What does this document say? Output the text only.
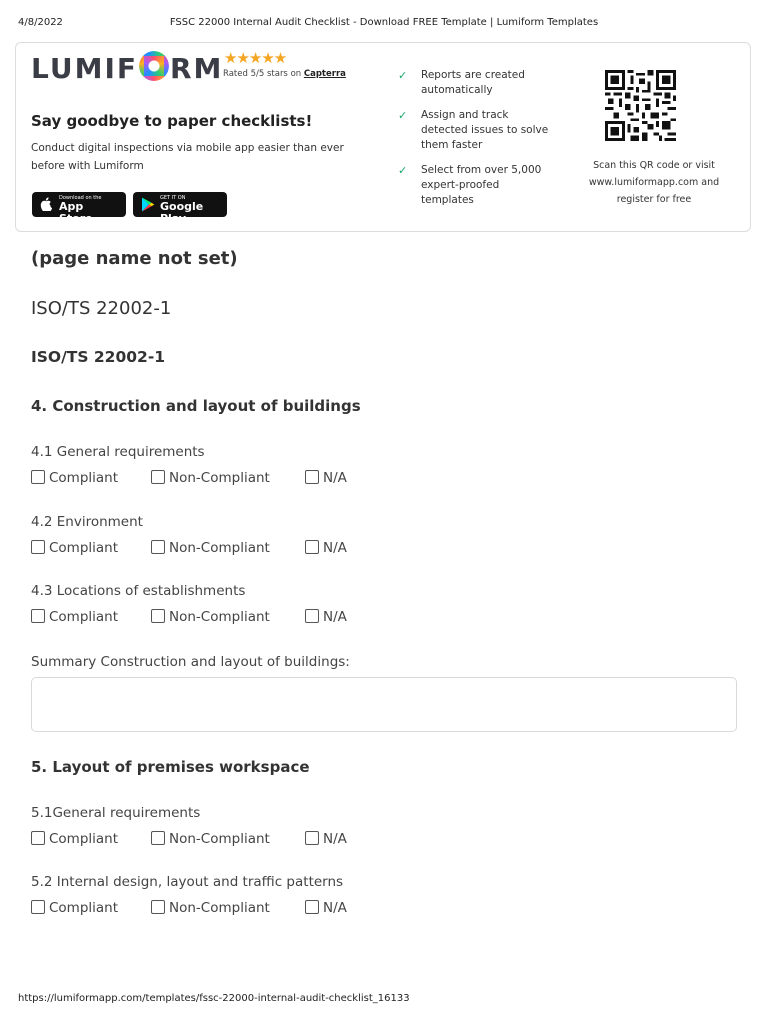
4/8/2022	FSSC 22000 Internal Audit Checklist - Download FREE Template | Lumiform Templates
LUMIF RM ★★★★★
Rated 5/5 stars on Capterra
Say goodbye to paper checklists!
Conduct digital inspections via mobile app easier than ever before with Lumiform
Download on the
App Store
GET IT ON
Google Play
✓ Reports are created automatically
✓ Assign and track detected issues to solve them faster
✓ Select from over 5,000 expert-proofed templates
Scan this QR code or visit www.lumiformapp.com and register for free
(page name not set)
ISO/TS 22002-1
ISO/TS 22002-1
4. Construction and layout of buildings
4.1 General requirements
Compliant	Non-Compliant	N/A
4.2 Environment
Compliant	Non-Compliant	N/A
4.3 Locations of establishments
Compliant	Non-Compliant	N/A
Summary Construction and layout of buildings:
5. Layout of premises workspace
5.1General requirements
Compliant	Non-Compliant	N/A
5.2 Internal design, layout and traffic patterns
Compliant	Non-Compliant	N/A
https://lumiformapp.com/templates/fssc-22000-internal-audit-checklist_16133
